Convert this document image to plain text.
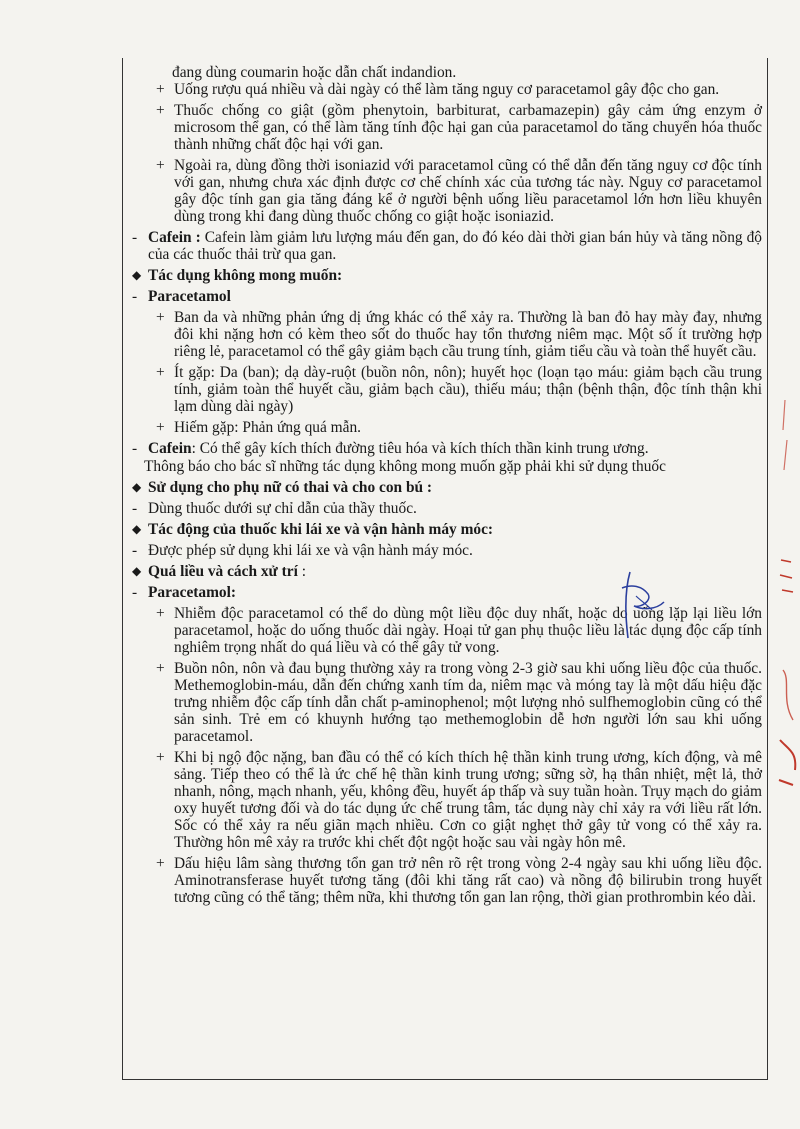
đang dùng coumarin hoặc dẫn chất indandion.

+ Uống rượu quá nhiều và dài ngày có thể làm tăng nguy cơ paracetamol gây độc cho gan.
+ Thuốc chống co giật (gồm phenytoin, barbiturat, carbamazepin) gây cảm ứng enzym ở microsom thể gan, có thể làm tăng tính độc hại gan của paracetamol do tăng chuyển hóa thuốc thành những chất độc hại với gan.
+ Ngoài ra, dùng đồng thời isoniazid với paracetamol cũng có thể dẫn đến tăng nguy cơ độc tính với gan, nhưng chưa xác định được cơ chế chính xác của tương tác này. Nguy cơ paracetamol gây độc tính gan gia tăng đáng kể ở người bệnh uống liều paracetamol lớn hơn liều khuyên dùng trong khi đang dùng thuốc chống co giật hoặc isoniazid.
- Cafein : Cafein làm giảm lưu lượng máu đến gan, do đó kéo dài thời gian bán hủy và tăng nồng độ của các thuốc thải trừ qua gan.
◆ Tác dụng không mong muốn:
- Paracetamol
+ Ban da và những phản ứng dị ứng khác có thể xảy ra. Thường là ban đỏ hay mày đay, nhưng đôi khi nặng hơn có kèm theo sốt do thuốc hay tổn thương niêm mạc. Một số ít trường hợp riêng lẻ, paracetamol có thể gây giảm bạch cầu trung tính, giảm tiểu cầu và toàn thể huyết cầu.
+ Ít gặp: Da (ban); dạ dày-ruột (buồn nôn, nôn); huyết học (loạn tạo máu: giảm bạch cầu trung tính, giảm toàn thể huyết cầu, giảm bạch cầu), thiếu máu; thận (bệnh thận, độc tính thận khi lạm dùng dài ngày)
+ Hiếm gặp: Phản ứng quá mẫn.
- Cafein: Có thể gây kích thích đường tiêu hóa và kích thích thần kinh trung ương.
Thông báo cho bác sĩ những tác dụng không mong muốn gặp phải khi sử dụng thuốc
◆ Sử dụng cho phụ nữ có thai và cho con bú :
- Dùng thuốc dưới sự chỉ dẫn của thầy thuốc.
◆ Tác động của thuốc khi lái xe và vận hành máy móc:
- Được phép sử dụng khi lái xe và vận hành máy móc.
◆ Quá liều và cách xử trí :
- Paracetamol:
+ Nhiễm độc paracetamol có thể do dùng một liều độc duy nhất, hoặc do uống lặp lại liều lớn paracetamol, hoặc do uống thuốc dài ngày. Hoại tử gan phụ thuộc liều là tác dụng độc cấp tính nghiêm trọng nhất do quá liều và có thể gây tử vong.
+ Buồn nôn, nôn và đau bụng thường xảy ra trong vòng 2-3 giờ sau khi uống liều độc của thuốc. Methemoglobin-máu, dẫn đến chứng xanh tím da, niêm mạc và móng tay là một dấu hiệu đặc trưng nhiễm độc cấp tính dẫn chất p-aminophenol; một lượng nhỏ sulfhemoglobin cũng có thể sản sinh. Trẻ em có khuynh hướng tạo methemoglobin dễ hơn người lớn sau khi uống paracetamol.
+ Khi bị ngộ độc nặng, ban đầu có thể có kích thích hệ thần kinh trung ương, kích động, và mê sảng. Tiếp theo có thể là ức chế hệ thần kinh trung ương; sững sờ, hạ thân nhiệt, mệt lả, thở nhanh, nông, mạch nhanh, yếu, không đều, huyết áp thấp và suy tuần hoàn. Trụy mạch do giảm oxy huyết tương đối và do tác dụng ức chế trung tâm, tác dụng này chỉ xảy ra với liều rất lớn. Sốc có thể xảy ra nếu giãn mạch nhiều. Cơn co giật nghẹt thở gây tử vong có thể xảy ra. Thường hôn mê xảy ra trước khi chết đột ngột hoặc sau vài ngày hôn mê.
+ Dấu hiệu lâm sàng thương tổn gan trở nên rõ rệt trong vòng 2-4 ngày sau khi uống liều độc. Aminotransferase huyết tương tăng (đôi khi tăng rất cao) và nồng độ bilirubin trong huyết tương cũng có thể tăng; thêm nữa, khi thương tổn gan lan rộng, thời gian prothrombin kéo dài.
